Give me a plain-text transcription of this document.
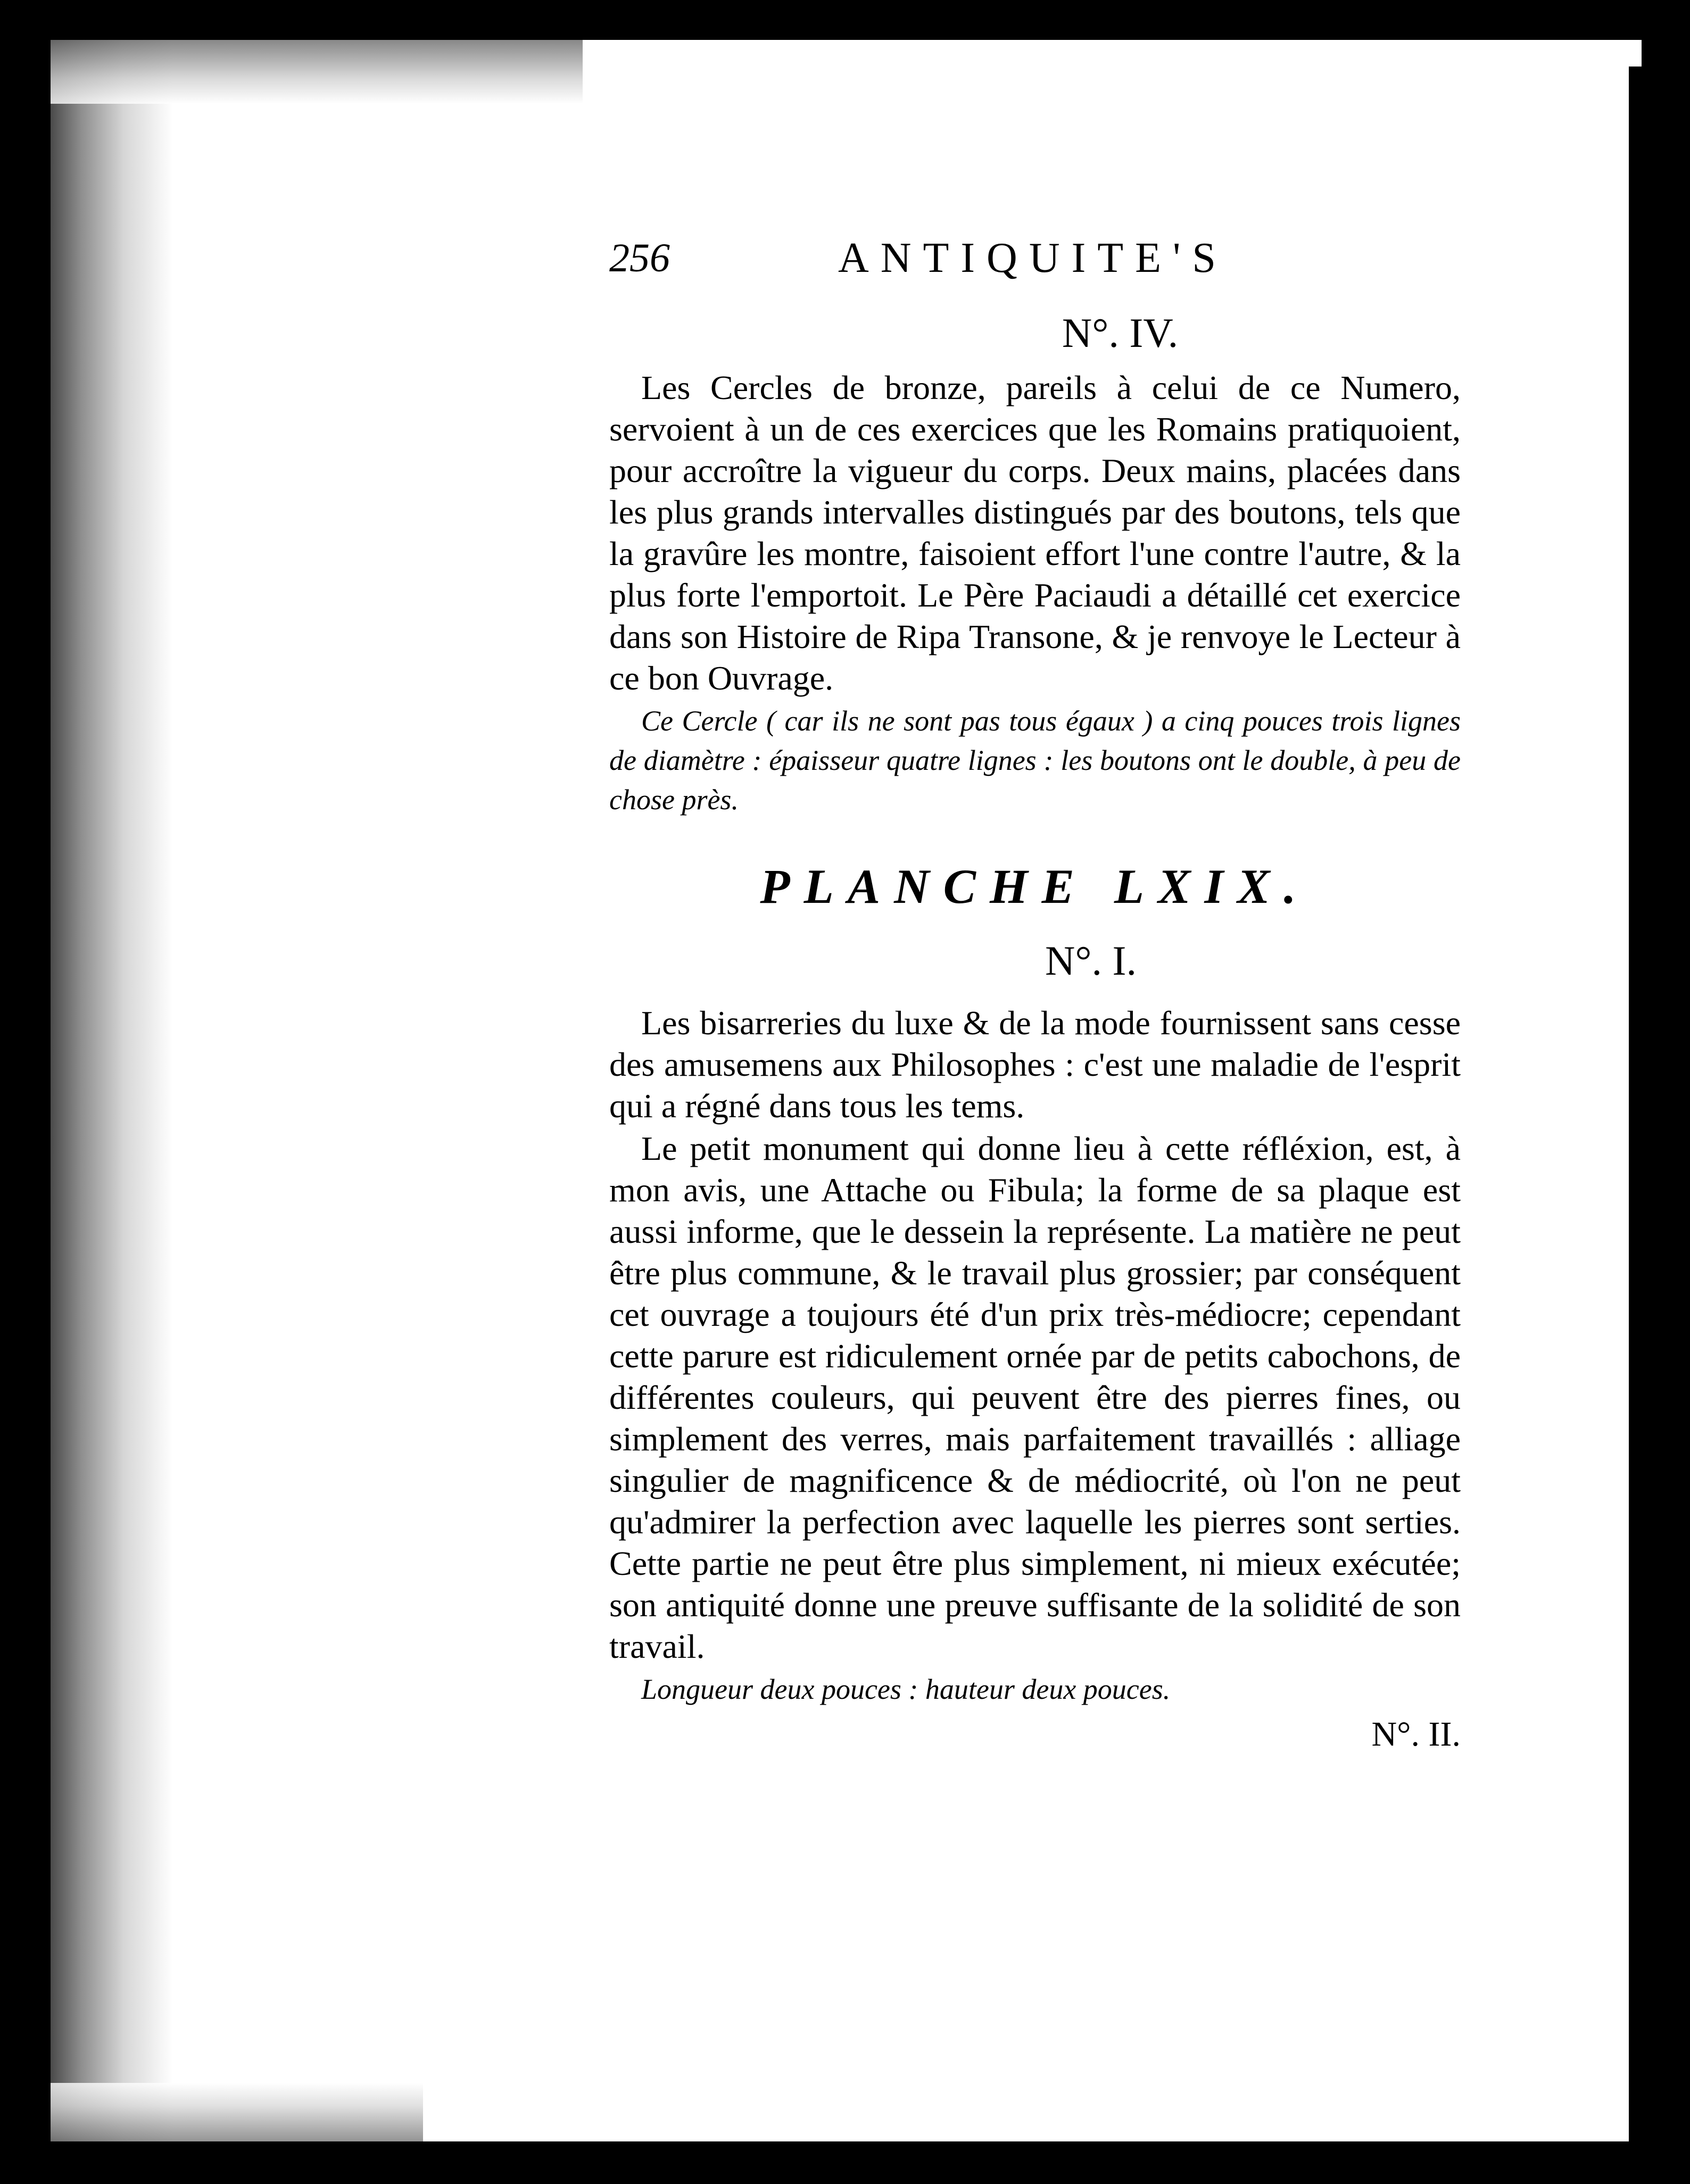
256	ANTIQUITE'S
N°. IV.

Les Cercles de bronze, pareils à celui de ce Numero, servoient à un de ces exercices que les Romains pratiquoient, pour accroître la vigueur du corps. Deux mains, placées dans les plus grands intervalles distingués par des boutons, tels que la gravûre les montre, faisoient effort l'une contre l'autre, & la plus forte l'emportoit. Le Père Paciaudi a détaillé cet exercice dans son Histoire de Ripa Transone, & je renvoye le Lecteur à ce bon Ouvrage.

Ce Cercle ( car ils ne sont pas tous égaux ) a cinq pouces trois lignes de diamètre : épaisseur quatre lignes : les boutons ont le double, à peu de chose près.

PLANCHE LXIX.
N°. I.

Les bisarreries du luxe & de la mode fournissent sans cesse des amusemens aux Philosophes : c'est une maladie de l'esprit qui a régné dans tous les tems.

Le petit monument qui donne lieu à cette réfléxion, est, à mon avis, une Attache ou Fibula; la forme de sa plaque est aussi informe, que le dessein la représente. La matière ne peut être plus commune, & le travail plus grossier; par conséquent cet ouvrage a toujours été d'un prix très-médiocre; cependant cette parure est ridiculement ornée par de petits cabochons, de différentes couleurs, qui peuvent être des pierres fines, ou simplement des verres, mais parfaitement travaillés : alliage singulier de magnificence & de médiocrité, où l'on ne peut qu'admirer la perfection avec laquelle les pierres sont serties. Cette partie ne peut être plus simplement, ni mieux exécutée; son antiquité donne une preuve suffisante de la solidité de son travail.

Longueur deux pouces : hauteur deux pouces.

N°. II.
